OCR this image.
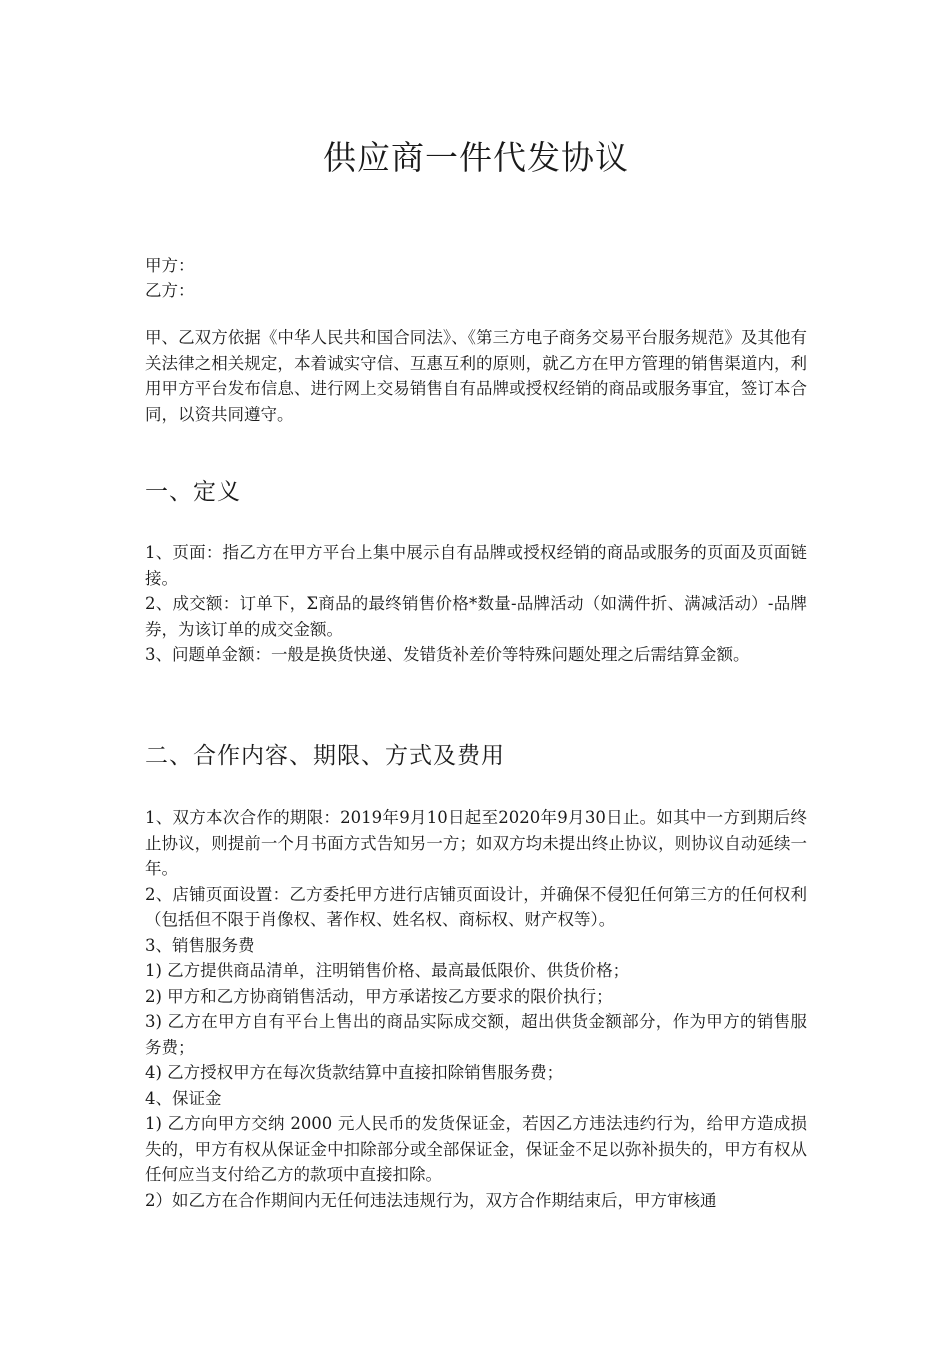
供应商一件代发协议
甲方：
乙方：

甲、乙双方依据《中华人民共和国合同法》、《第三方电子商务交易平台服务规范》及其他有关法律之相关规定，本着诚实守信、互惠互利的原则，就乙方在甲方管理的销售渠道内，利用甲方平台发布信息、进行网上交易销售自有品牌或授权经销的商品或服务事宜，签订本合同，以资共同遵守。

一、定义

1、页面：指乙方在甲方平台上集中展示自有品牌或授权经销的商品或服务的页面及页面链接。

2、成交额：订单下，Σ商品的最终销售价格*数量-品牌活动（如满件折、满减活动）-品牌券，为该订单的成交金额。

3、问题单金额：一般是换货快递、发错货补差价等特殊问题处理之后需结算金额。

二、合作内容、期限、方式及费用

1、双方本次合作的期限：2019年9月10日起至2020年9月30日止。如其中一方到期后终止协议，则提前一个月书面方式告知另一方；如双方均未提出终止协议，则协议自动延续一年。

2、店铺页面设置：乙方委托甲方进行店铺页面设计，并确保不侵犯任何第三方的任何权利（包括但不限于肖像权、著作权、姓名权、商标权、财产权等）。

3、销售服务费

1) 乙方提供商品清单，注明销售价格、最高最低限价、供货价格；

2) 甲方和乙方协商销售活动，甲方承诺按乙方要求的限价执行；

3) 乙方在甲方自有平台上售出的商品实际成交额，超出供货金额部分，作为甲方的销售服务费；

4) 乙方授权甲方在每次货款结算中直接扣除销售服务费；

4、保证金

1) 乙方向甲方交纳 2000 元人民币的发货保证金，若因乙方违法违约行为，给甲方造成损失的，甲方有权从保证金中扣除部分或全部保证金，保证金不足以弥补损失的，甲方有权从任何应当支付给乙方的款项中直接扣除。

2）如乙方在合作期间内无任何违法违规行为，双方合作期结束后，甲方审核通
